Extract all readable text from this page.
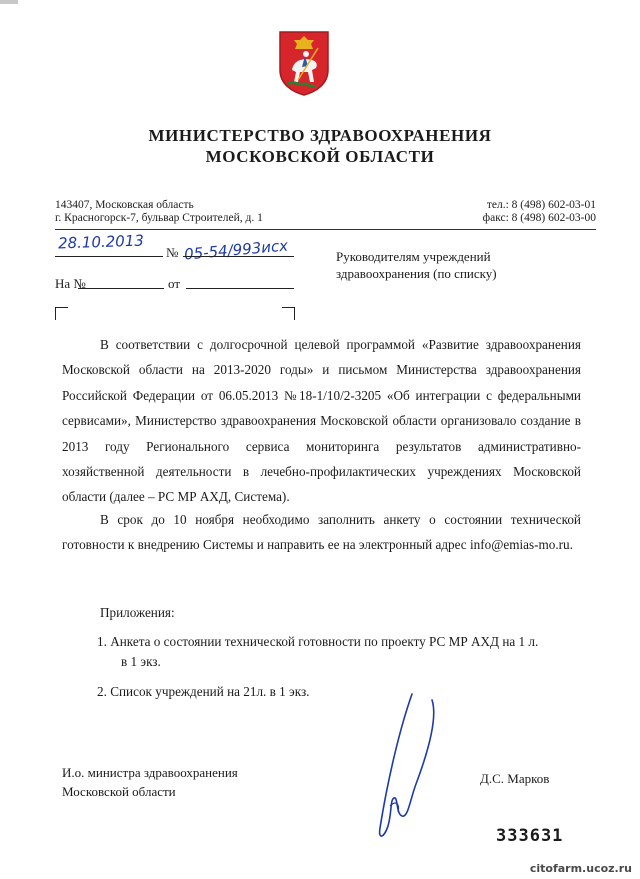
МИНИСТЕРСТВО ЗДРАВООХРАНЕНИЯ
МОСКОВСКОЙ ОБЛАСТИ
143407, Московская область
г. Красногорск-7, бульвар Строителей, д. 1
тел.: 8 (498) 602-03-01
факс: 8 (498) 602-03-00
28.10.2013
№ 05-54/993исх
На №	от
Руководителям учреждений
здравоохранения (по списку)
В соответствии с долгосрочной целевой программой «Развитие здравоохранения Московской области на 2013-2020 годы» и письмом Министерства здравоохранения Российской Федерации от 06.05.2013 №18-1/10/2-3205 «Об интеграции с федеральными сервисами», Министерство здравоохранения Московской области организовало создание в 2013 году Регионального сервиса мониторинга результатов административно-хозяйственной деятельности в лечебно-профилактических учреждениях Московской области (далее – РС МР АХД, Система).
В срок до 10 ноября необходимо заполнить анкету о состоянии технической готовности к внедрению Системы и направить ее на электронный адрес info@emias-mo.ru.
Приложения:
1. Анкета о состоянии технической готовности по проекту РС МР АХД на 1 л.
в 1 экз.
2. Список учреждений на 21л. в 1 экз.
И.о. министра здравоохранения
Московской области
Д.С. Марков
333631
citofarm.ucoz.ru
